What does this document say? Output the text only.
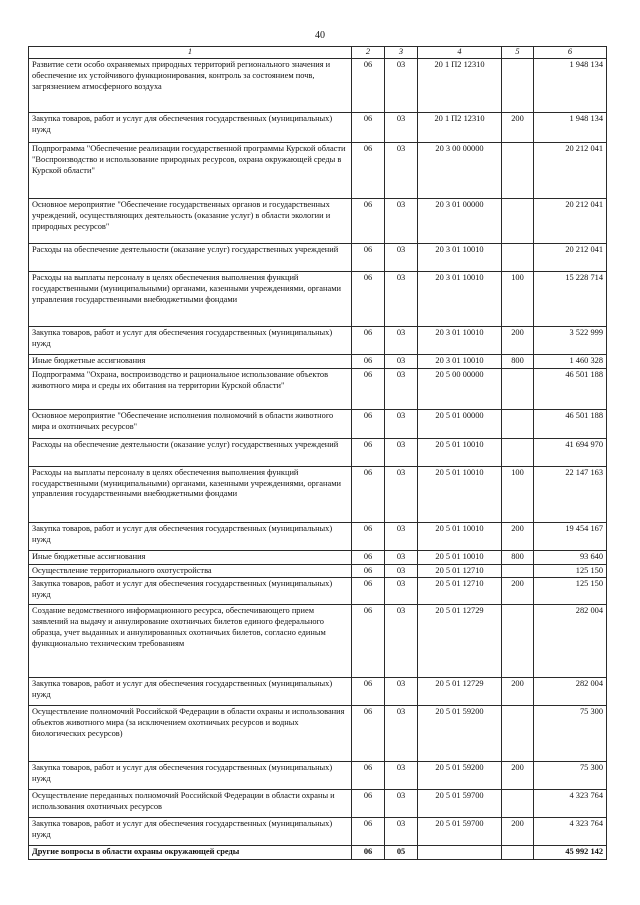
40
1	2	3	4	5	6
Развитие сети особо охраняемых природных территорий регионального значения и обеспечение их устойчивого функционирования, контроль за состоянием почв, загрязнением атмосферного воздуха	06	03	20 1 П2 12310		1 948 134
Закупка товаров, работ и услуг для обеспечения государственных (муниципальных) нужд	06	03	20 1 П2 12310	200	1 948 134
Подпрограмма "Обеспечение реализации государственной программы Курской области "Воспроизводство и использование природных ресурсов, охрана окружающей среды в Курской области"	06	03	20 3 00 00000		20 212 041
Основное мероприятие "Обеспечение государственных органов и государственных учреждений, осуществляющих деятельность (оказание услуг) в области экологии и природных ресурсов"	06	03	20 3 01 00000		20 212 041
Расходы на обеспечение деятельности (оказание услуг) государственных учреждений	06	03	20 3 01 10010		20 212 041
Расходы на выплаты персоналу в целях обеспечения выполнения функций государственными (муниципальными) органами, казенными учреждениями, органами управления государственными внебюджетными фондами	06	03	20 3 01 10010	100	15 228 714
Закупка товаров, работ и услуг для обеспечения государственных (муниципальных) нужд	06	03	20 3 01 10010	200	3 522 999
Иные бюджетные ассигнования	06	03	20 3 01 10010	800	1 460 328
Подпрограмма "Охрана, воспроизводство и рациональное использование объектов животного мира и среды их обитания на территории Курской области"	06	03	20 5 00 00000		46 501 188
Основное мероприятие "Обеспечение исполнения полномочий в области животного мира и охотничьих ресурсов"	06	03	20 5 01 00000		46 501 188
Расходы на обеспечение деятельности (оказание услуг) государственных учреждений	06	03	20 5 01 10010		41 694 970
Расходы на выплаты персоналу в целях обеспечения выполнения функций государственными (муниципальными) органами, казенными учреждениями, органами управления государственными внебюджетными фондами	06	03	20 5 01 10010	100	22 147 163
Закупка товаров, работ и услуг для обеспечения государственных (муниципальных) нужд	06	03	20 5 01 10010	200	19 454 167
Иные бюджетные ассигнования	06	03	20 5 01 10010	800	93 640
Осуществление территориального охотустройства	06	03	20 5 01 12710		125 150
Закупка товаров, работ и услуг для обеспечения государственных (муниципальных) нужд	06	03	20 5 01 12710	200	125 150
Создание ведомственного информационного ресурса, обеспечивающего прием заявлений на выдачу и аннулирование охотничьих билетов единого федерального образца, учет выданных и аннулированных охотничьих билетов, согласно единым функционально техническим требованиям	06	03	20 5 01 12729		282 004
Закупка товаров, работ и услуг для обеспечения государственных (муниципальных) нужд	06	03	20 5 01 12729	200	282 004
Осуществление полномочий Российской Федерации в области охраны и использования объектов животного мира (за исключением охотничьих ресурсов и водных биологических ресурсов)	06	03	20 5 01 59200		75 300
Закупка товаров, работ и услуг для обеспечения государственных (муниципальных) нужд	06	03	20 5 01 59200	200	75 300
Осуществление переданных полномочий Российской Федерации в области охраны и использования охотничьих ресурсов	06	03	20 5 01 59700		4 323 764
Закупка товаров, работ и услуг для обеспечения государственных (муниципальных) нужд	06	03	20 5 01 59700	200	4 323 764
Другие вопросы в области охраны окружающей среды	06	05			45 992 142
